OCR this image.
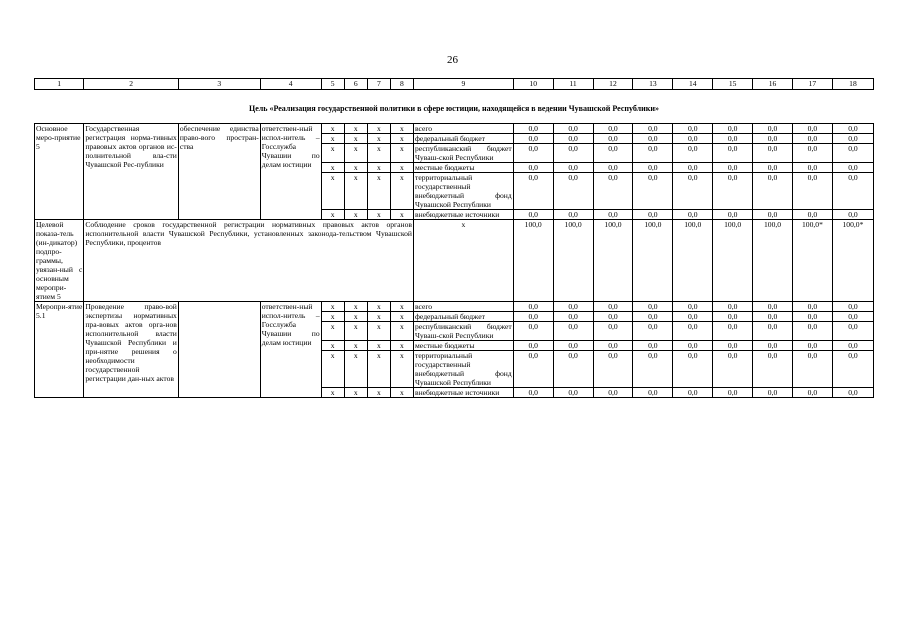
26
1	2	3	4	5	6	7	8	9	10	11	12	13	14	15	16	17	18
Цель «Реализация государственной политики в сфере юстиции, находящейся в ведении Чувашской Республики»																	
Основное меро-приятие 5	Государственная регистрация норма-тивных правовых актов органов ис-полнительной вла-сти Чувашской Рес-публики	обеспечение единства право-вого простран-ства	ответствен-ный испол-нитель – Госслужба Чувашии по делам юстиции	x	x	x	x	всего	0,0	0,0	0,0	0,0	0,0	0,0	0,0	0,0	0,0
				x	x	x	x	федеральный бюджет	0,0	0,0	0,0	0,0	0,0	0,0	0,0	0,0	0,0
				x	x	x	x	республиканский бюджет Чуваш-ской Республики	0,0	0,0	0,0	0,0	0,0	0,0	0,0	0,0	0,0
				x	x	x	x	местные бюджеты	0,0	0,0	0,0	0,0	0,0	0,0	0,0	0,0	0,0
				x	x	x	x	территориальный государственный внебюджетный фонд Чувашской Республики	0,0	0,0	0,0	0,0	0,0	0,0	0,0	0,0	0,0
				x	x	x	x	внебюджетные источники	0,0	0,0	0,0	0,0	0,0	0,0	0,0	0,0	0,0
Целевой показа-тель (ин-дикатор) подпро-граммы, увязан-ный с основным меропри-ятием 5	Соблюдение сроков государственной регистрации нормативных правовых актов органов исполнительной власти Чувашской Республики, установленных законода-тельством Чувашской Республики, процентов							x	100,0	100,0	100,0	100,0	100,0	100,0	100,0	100,0*	100,0*
Меропри-ятие 5.1	Проведение право-вой экспертизы нормативных пра-вовых актов орга-нов исполнительной власти Чувашской Республики и при-нятие решения о необходимости государственной регистрации дан-ных актов		ответствен-ный испол-нитель – Госслужба Чувашии по делам юстиции	x	x	x	x	всего	0,0	0,0	0,0	0,0	0,0	0,0	0,0	0,0	0,0
				x	x	x	x	федеральный бюджет	0,0	0,0	0,0	0,0	0,0	0,0	0,0	0,0	0,0
				x	x	x	x	республиканский бюджет Чуваш-ской Республики	0,0	0,0	0,0	0,0	0,0	0,0	0,0	0,0	0,0
				x	x	x	x	местные бюджеты	0,0	0,0	0,0	0,0	0,0	0,0	0,0	0,0	0,0
				x	x	x	x	территориальный государственный внебюджетный фонд Чувашской Республики	0,0	0,0	0,0	0,0	0,0	0,0	0,0	0,0	0,0
				x	x	x	x	внебюджетные источники	0,0	0,0	0,0	0,0	0,0	0,0	0,0	0,0	0,0
